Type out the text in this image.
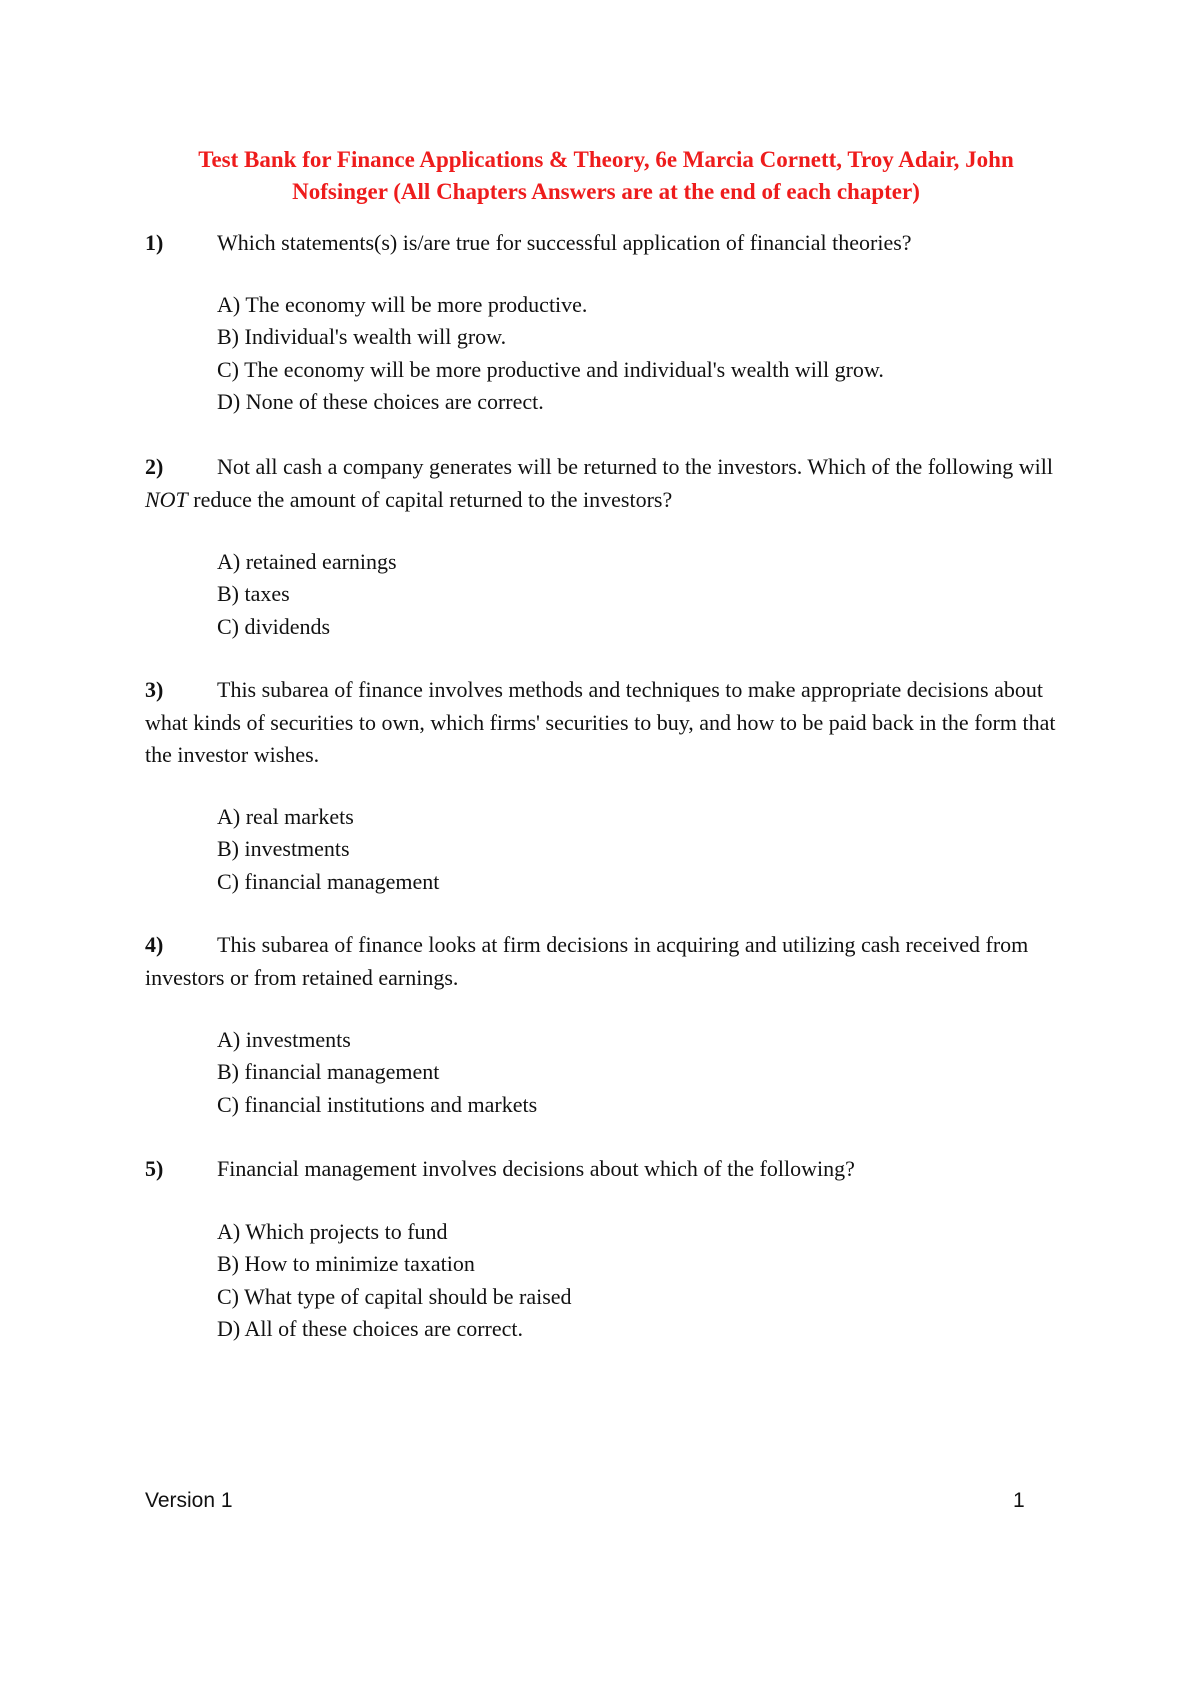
Test Bank for Finance Applications & Theory, 6e Marcia Cornett, Troy Adair, John Nofsinger (All Chapters Answers are at the end of each chapter)
1) Which statements(s) is/are true for successful application of financial theories?
A) The economy will be more productive.
B) Individual's wealth will grow.
C) The economy will be more productive and individual's wealth will grow.
D) None of these choices are correct.
2) Not all cash a company generates will be returned to the investors. Which of the following will NOT reduce the amount of capital returned to the investors?
A) retained earnings
B) taxes
C) dividends
3) This subarea of finance involves methods and techniques to make appropriate decisions about what kinds of securities to own, which firms' securities to buy, and how to be paid back in the form that the investor wishes.
A) real markets
B) investments
C) financial management
4) This subarea of finance looks at firm decisions in acquiring and utilizing cash received from investors or from retained earnings.
A) investments
B) financial management
C) financial institutions and markets
5) Financial management involves decisions about which of the following?
A) Which projects to fund
B) How to minimize taxation
C) What type of capital should be raised
D) All of these choices are correct.
Version 1	1
